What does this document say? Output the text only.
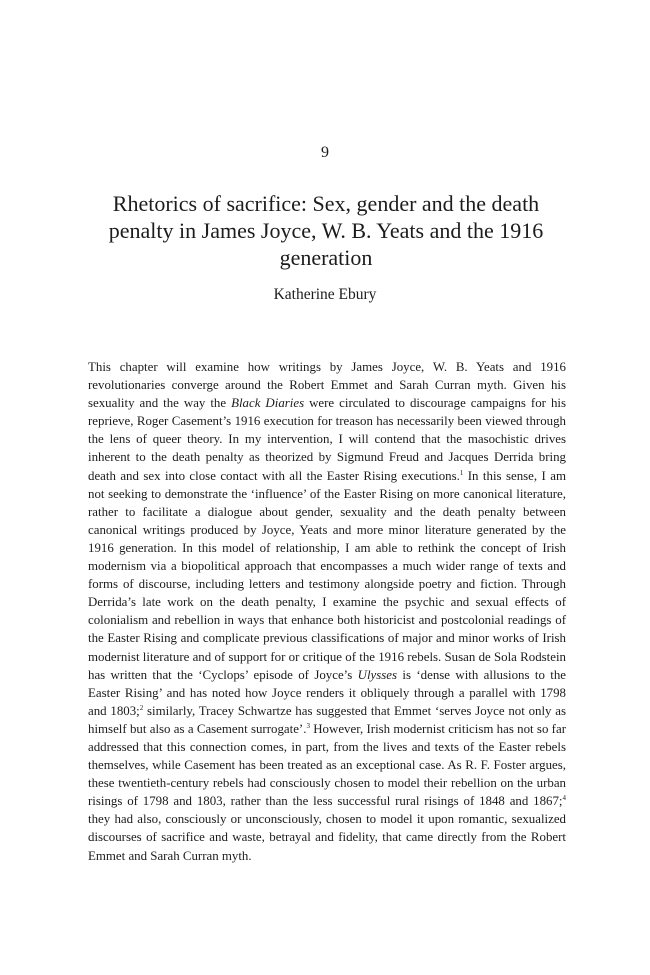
9
Rhetorics of sacrifice: Sex, gender and the death penalty in James Joyce, W. B. Yeats and the 1916 generation
Katherine Ebury

This chapter will examine how writings by James Joyce, W. B. Yeats and 1916 revolutionaries converge around the Robert Emmet and Sarah Curran myth. Given his sexuality and the way the Black Diaries were circulated to discourage campaigns for his reprieve, Roger Casement’s 1916 execution for treason has necessarily been viewed through the lens of queer theory. In my intervention, I will contend that the masochistic drives inherent to the death penalty as theorized by Sigmund Freud and Jacques Derrida bring death and sex into close contact with all the Easter Rising executions.$^1$ In this sense, I am not seeking to demonstrate the ‘influence’ of the Easter Rising on more canonical literature, rather to facilitate a dialogue about gender, sexuality and the death penalty between canonical writings produced by Joyce, Yeats and more minor literature generated by the 1916 generation. In this model of relationship, I am able to rethink the concept of Irish modernism via a biopolitical approach that encompasses a much wider range of texts and forms of discourse, including letters and testimony alongside poetry and fiction. Through Derrida’s late work on the death penalty, I examine the psychic and sexual effects of colonialism and rebellion in ways that enhance both historicist and postcolonial readings of the Easter Rising and complicate previous classifications of major and minor works of Irish modernist literature and of support for or critique of the 1916 rebels. Susan de Sola Rodstein has written that the ‘Cyclops’ episode of Joyce’s Ulysses is ‘dense with allusions to the Easter Rising’ and has noted how Joyce renders it obliquely through a parallel with 1798 and 1803;$^2$ similarly, Tracey Schwartze has suggested that Emmet ‘serves Joyce not only as himself but also as a Casement surrogate’.$^3$ However, Irish modernist criticism has not so far addressed that this connection comes, in part, from the lives and texts of the Easter rebels themselves, while Casement has been treated as an exceptional case. As R. F. Foster argues, these twentieth-century rebels had consciously chosen to model their rebellion on the urban risings of 1798 and 1803, rather than the less successful rural risings of 1848 and 1867;$^4$ they had also, consciously or unconsciously, chosen to model it upon romantic, sexualized discourses of sacrifice and waste, betrayal and fidelity, that came directly from the Robert Emmet and Sarah Curran myth.
